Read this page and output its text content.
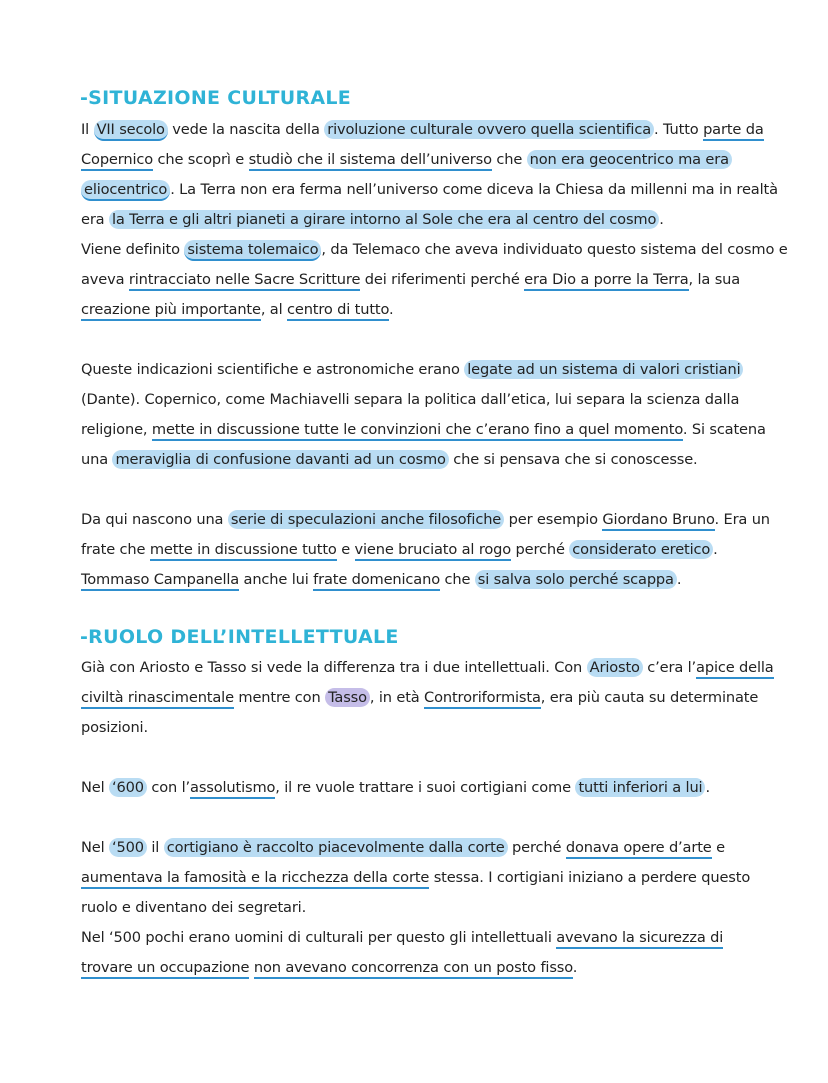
-SITUAZIONE CULTURALE
Il VII secolo vede la nascita della rivoluzione culturale ovvero quella scientifica . Tutto parte da
Copernico che scoprì e studiò che il sistema dell’universo che non era geocentrico ma era
eliocentrico . La Terra non era ferma nell’universo come diceva la Chiesa da millenni ma in realtà
era la Terra e gli altri pianeti a girare intorno al Sole che era al centro del cosmo .
Viene definito sistema tolemaico , da Telemaco che aveva individuato questo sistema del cosmo e
aveva rintracciato nelle Sacre Scritture dei riferimenti perché era Dio a porre la Terra, la sua
creazione più importante, al centro di tutto.
Queste indicazioni scientifiche e astronomiche erano legate ad un sistema di valori cristiani
(Dante). Copernico, come Machiavelli separa la politica dall’etica, lui separa la scienza dalla
religione, mette in discussione tutte le convinzioni che c’erano fino a quel momento. Si scatena
una meraviglia di confusione davanti ad un cosmo che si pensava che si conoscesse.
Da qui nascono una serie di speculazioni anche filosofiche per esempio Giordano Bruno. Era un
frate che mette in discussione tutto e viene bruciato al rogo perché considerato eretico .
Tommaso Campanella anche lui frate domenicano che si salva solo perché scappa .
-RUOLO DELL’INTELLETTUALE
Già con Ariosto e Tasso si vede la differenza tra i due intellettuali. Con Ariosto c’era l’apice della
civiltà rinascimentale mentre con Tasso , in età Controriformista, era più cauta su determinate
posizioni.
Nel ‘600 con l’assolutismo, il re vuole trattare i suoi cortigiani come tutti inferiori a lui .
Nel ‘500 il cortigiano è raccolto piacevolmente dalla corte perché donava opere d’arte e
aumentava la famosità e la ricchezza della corte stessa. I cortigiani iniziano a perdere questo
ruolo e diventano dei segretari.
Nel ‘500 pochi erano uomini di culturali per questo gli intellettuali avevano la sicurezza di
trovare un occupazione non avevano concorrenza con un posto fisso.
